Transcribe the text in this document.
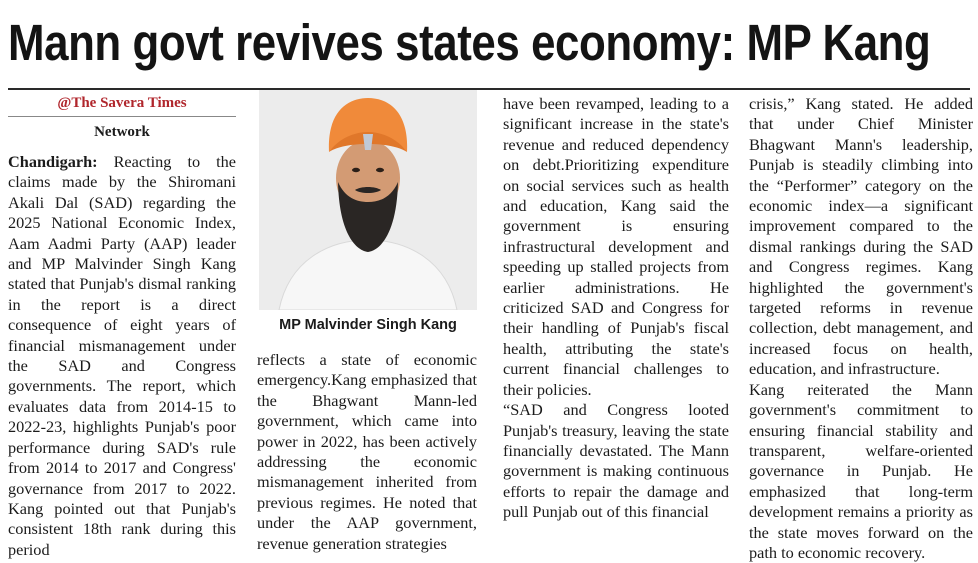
Mann govt revives states economy: MP Kang
@The Savera Times
Network

Chandigarh: Reacting to the claims made by the Shiromani Akali Dal (SAD) regarding the 2025 National Economic Index, Aam Aadmi Party (AAP) leader and MP Malvinder Singh Kang stated that Punjab's dismal ranking in the report is a direct consequence of eight years of financial mismanagement under the SAD and Congress governments. The report, which evaluates data from 2014-15 to 2022-23, highlights Punjab's poor performance during SAD's rule from 2014 to 2017 and Congress' governance from 2017 to 2022. Kang pointed out that Punjab's consistent 18th rank during this period

MP Malvinder Singh Kang

reflects a state of economic emergency.Kang emphasized that the Bhagwant Mann-led government, which came into power in 2022, has been actively addressing the economic mismanagement inherited from previous regimes. He noted that under the AAP government, revenue generation strategies

have been revamped, leading to a significant increase in the state's revenue and reduced dependency on debt.Prioritizing expenditure on social services such as health and education, Kang said the government is ensuring infrastructural development and speeding up stalled projects from earlier administrations. He criticized SAD and Congress for their handling of Punjab's fiscal health, attributing the state's current financial challenges to their policies.

“SAD and Congress looted Punjab's treasury, leaving the state financially devastated. The Mann government is making continuous efforts to repair the damage and pull Punjab out of this financial

crisis,” Kang stated. He added that under Chief Minister Bhagwant Mann's leadership, Punjab is steadily climbing into the “Performer” category on the economic index—a significant improvement compared to the dismal rankings during the SAD and Congress regimes. Kang highlighted the government's targeted reforms in revenue collection, debt management, and increased focus on health, education, and infrastructure.

Kang reiterated the Mann government's commitment to ensuring financial stability and transparent, welfare-oriented governance in Punjab. He emphasized that long-term development remains a priority as the state moves forward on the path to economic recovery.
